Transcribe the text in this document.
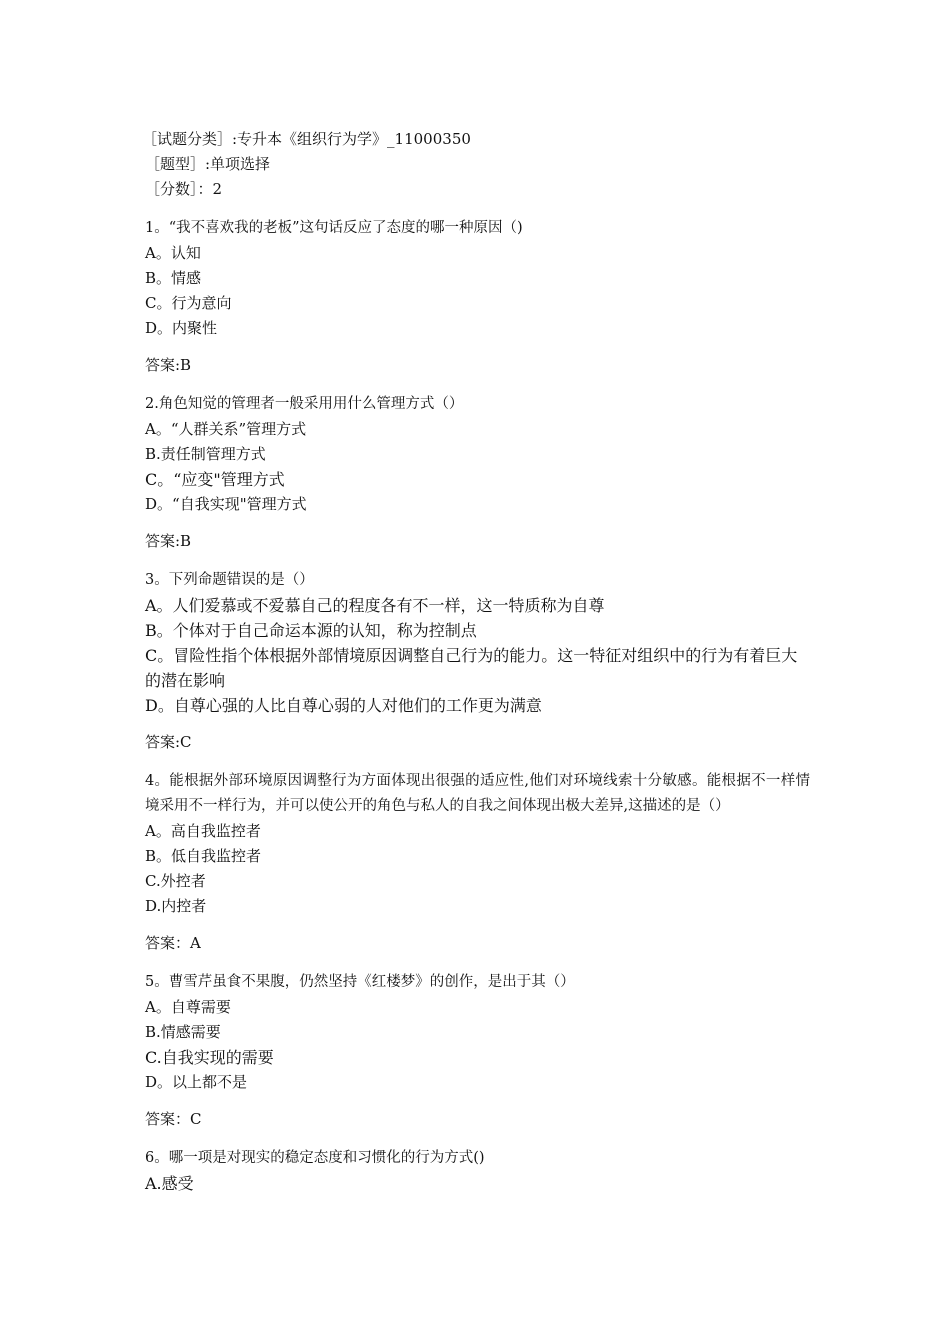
［试题分类］:专升本《组织行为学》_11000350
［题型］:单项选择
［分数］：2
1。“我不喜欢我的老板”这句话反应了态度的哪一种原因（)
A。认知
B。情感
C。行为意向
D。内聚性
答案:B
2.角色知觉的管理者一般采用用什么管理方式（）
A。“人群关系”管理方式
B.责任制管理方式
C。“应变"管理方式
D。“自我实现"管理方式
答案:B
3。下列命题错误的是（）
A。人们爱慕或不爱慕自己的程度各有不一样，这一特质称为自尊
B。个体对于自己命运本源的认知，称为控制点
C。冒险性指个体根据外部情境原因调整自己行为的能力。这一特征对组织中的行为有着巨大的潜在影响
D。自尊心强的人比自尊心弱的人对他们的工作更为满意
答案:C
4。能根据外部环境原因调整行为方面体现出很强的适应性,他们对环境线索十分敏感。能根据不一样情境采用不一样行为，并可以使公开的角色与私人的自我之间体现出极大差异,这描述的是（）
A。高自我监控者
B。低自我监控者
C.外控者
D.内控者
答案：A
5。曹雪芹虽食不果腹，仍然坚持《红楼梦》的创作，是出于其（）
A。自尊需要
B.情感需要
C.自我实现的需要
D。以上都不是
答案：C
6。哪一项是对现实的稳定态度和习惯化的行为方式()
A.感受
